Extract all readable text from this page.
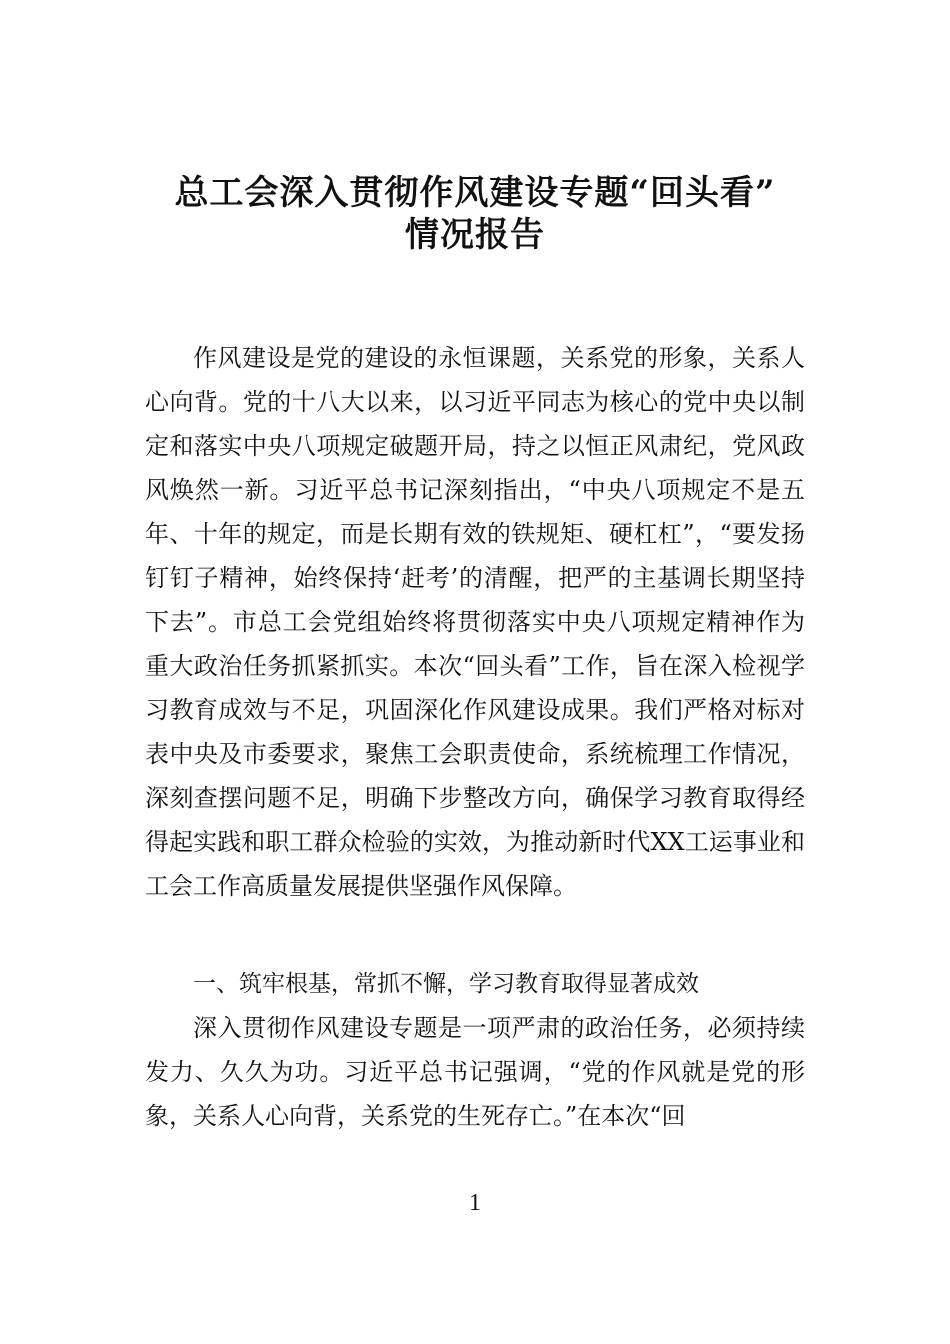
总工会深入贯彻作风建设专题“回头看”
情况报告

作风建设是党的建设的永恒课题，关系党的形象，关系人心向背。党的十八大以来，以习近平同志为核心的党中央以制定和落实中央八项规定破题开局，持之以恒正风肃纪，党风政风焕然一新。习近平总书记深刻指出，“中央八项规定不是五年、十年的规定，而是长期有效的铁规矩、硬杠杠”，“要发扬钉钉子精神，始终保持‘赶考’的清醒，把严的主基调长期坚持下去”。市总工会党组始终将贯彻落实中央八项规定精神作为重大政治任务抓紧抓实。本次“回头看”工作，旨在深入检视学习教育成效与不足，巩固深化作风建设成果。我们严格对标对表中央及市委要求，聚焦工会职责使命，系统梳理工作情况，深刻查摆问题不足，明确下步整改方向，确保学习教育取得经得起实践和职工群众检验的实效，为推动新时代XX工运事业和工会工作高质量发展提供坚强作风保障。

一、筑牢根基，常抓不懈，学习教育取得显著成效

深入贯彻作风建设专题是一项严肃的政治任务，必须持续发力、久久为功。习近平总书记强调，“党的作风就是党的形象，关系人心向背，关系党的生死存亡。”在本次“回

1
